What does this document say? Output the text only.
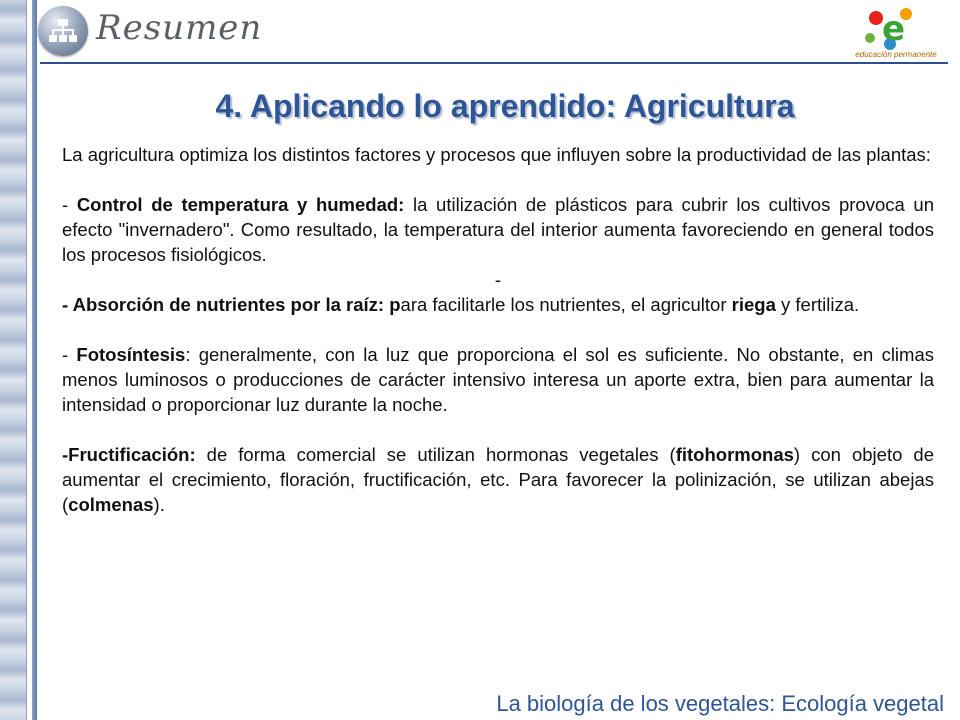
Resumen	e
educación permanente
4. Aplicando lo aprendido: Agricultura

La agricultura optimiza los distintos factores y procesos que influyen sobre la productividad de las plantas:

- Control de temperatura y humedad: la utilización de plásticos para cubrir los cultivos provoca un efecto "invernadero". Como resultado, la temperatura del interior aumenta favoreciendo en general todos los procesos fisiológicos.

-

- Absorción de nutrientes por la raíz: para facilitarle los nutrientes, el agricultor riega y fertiliza.

- Fotosíntesis: generalmente, con la luz que proporciona el sol es suficiente. No obstante, en climas menos luminosos o producciones de carácter intensivo interesa un aporte extra, bien para aumentar la intensidad o proporcionar luz durante la noche.

-Fructificación: de forma comercial se utilizan hormonas vegetales (fitohormonas) con objeto de aumentar el crecimiento, floración, fructificación, etc. Para favorecer la polinización, se utilizan abejas (colmenas).

La biología de los vegetales: Ecología vegetal
